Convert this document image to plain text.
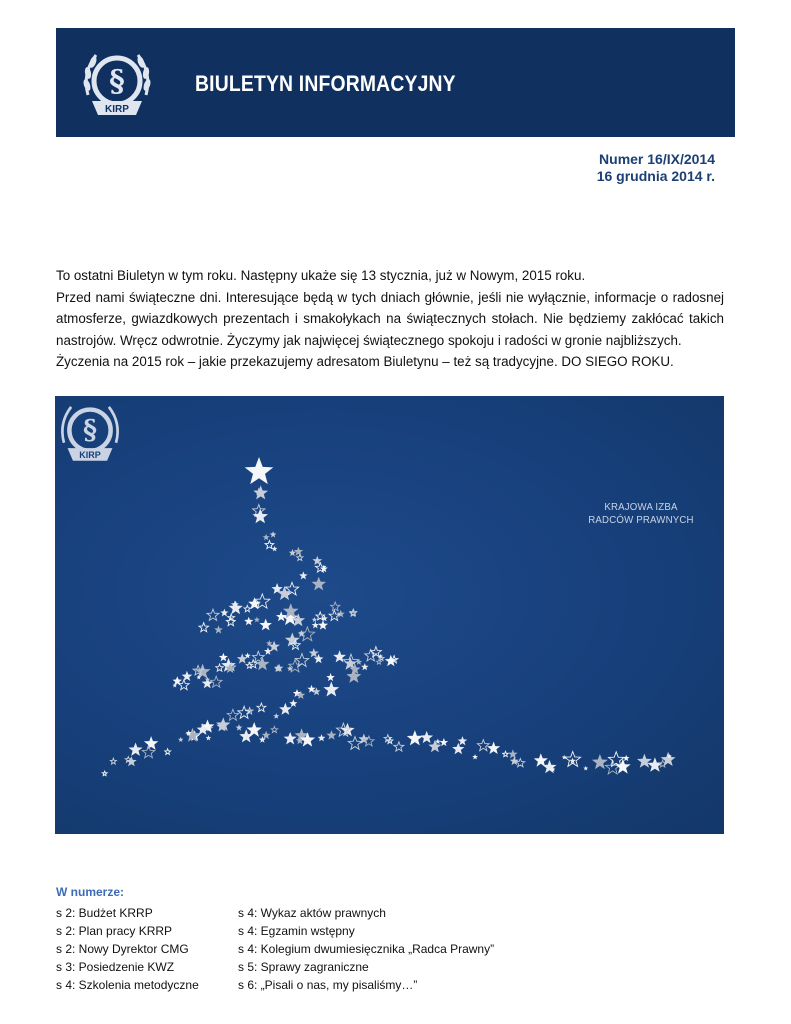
§
KIRP
BIULETYN INFORMACYJNY
Numer 16/IX/2014
16 grudnia 2014 r.

To ostatni Biuletyn w tym roku. Następny ukaże się 13 stycznia, już w Nowym, 2015 roku.

Przed nami świąteczne dni. Interesujące będą w tych dniach głównie, jeśli nie wyłącznie, informacje o radosnej atmosferze, gwiazdkowych prezentach i smakołykach na świątecznych stołach. Nie będziemy zakłócać takich nastrojów. Wręcz odwrotnie. Życzymy jak najwięcej świątecznego spokoju i radości w gronie najbliższych.

Życzenia na 2015 rok – jakie przekazujemy adresatom Biuletynu – też są tradycyjne. DO SIEGO ROKU.

§
KIRP
KRAJOWA IZBA
RADCÓW PRAWNYCH
W numerze:
s 2: Budżet KRRP
s 2: Plan pracy KRRP
s 2: Nowy Dyrektor CMG
s 3: Posiedzenie KWZ
s 4: Szkolenia metodyczne
s 4: Wykaz aktów prawnych
s 4: Egzamin wstępny
s 4: Kolegium dwumiesięcznika „Radca Prawny”
s 5: Sprawy zagraniczne
s 6: „Pisali o nas, my pisaliśmy…”
